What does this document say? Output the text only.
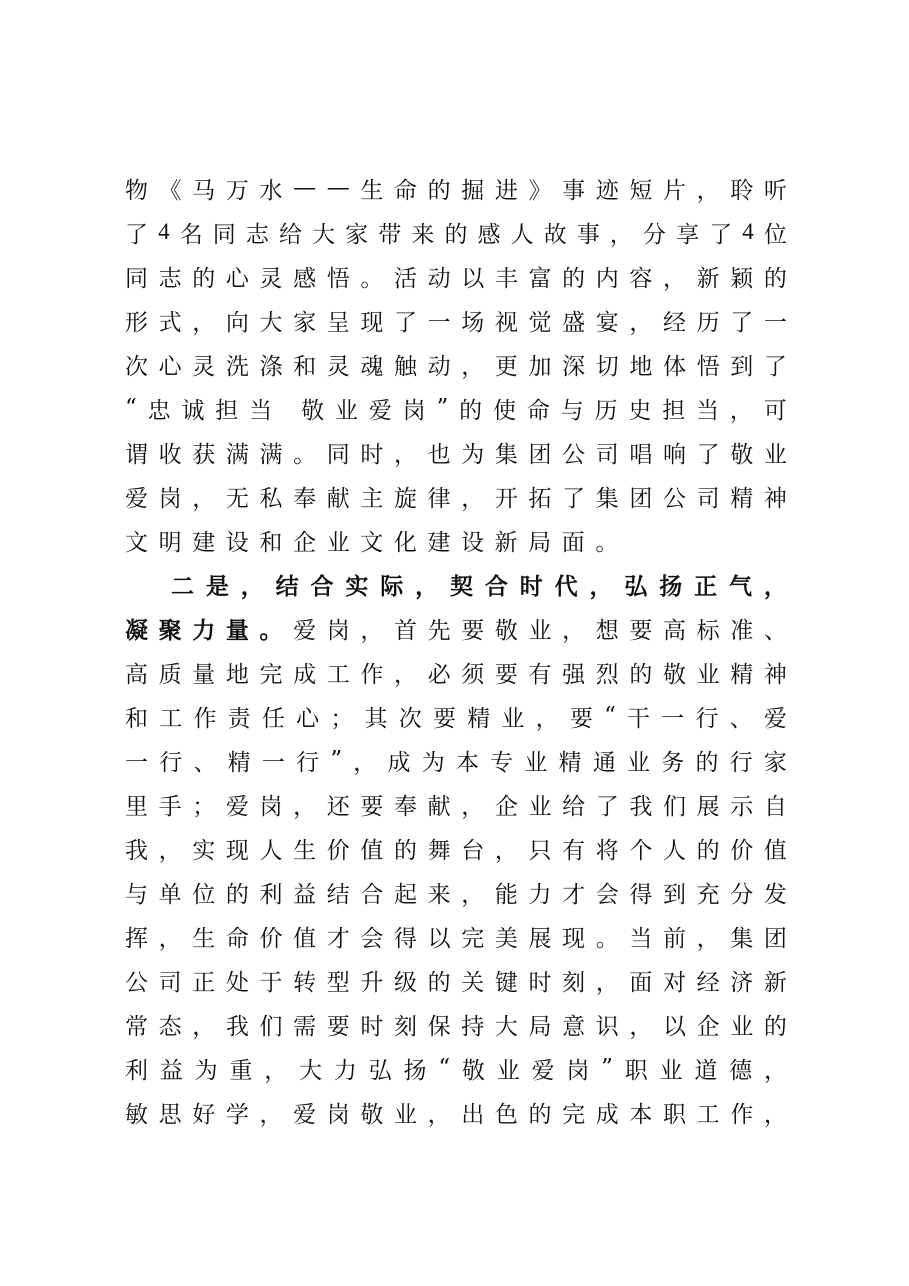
物 《 马 万 水 — — 生 命 的 掘 进 》 事 迹 短 片 ， 聆 听
了 4 名 同 志 给 大 家 带 来 的 感 人 故 事 ， 分 享 了 4 位
同 志 的 心 灵 感 悟 。 活 动 以 丰 富 的 内 容 ， 新 颖 的
形 式 ， 向 大 家 呈 现 了 一 场 视 觉 盛 宴 ， 经 历 了 一
次 心 灵 洗 涤 和 灵 魂 触 动 ， 更 加 深 切 地 体 悟 到 了
“ 忠 诚 担 当
敬 业 爱 岗 ” 的 使 命 与 历 史 担 当 ， 可
谓 收 获 满 满 。 同 时 ， 也 为 集 团 公 司 唱 响 了 敬 业
爱 岗 ， 无 私 奉 献 主 旋 律 ， 开 拓 了 集 团 公 司 精 神
文 明 建 设 和 企 业 文 化 建 设 新 局 面 。
二 是 ， 结 合 实 际 ， 契 合 时 代 ， 弘 扬 正 气 ，
凝 聚 力 量 。 爱 岗 ， 首 先 要 敬 业 ， 想 要 高 标 准 、
高 质 量 地 完 成 工 作 ， 必 须 要 有 强 烈 的 敬 业 精 神
和 工 作 责 任 心 ； 其 次 要 精 业 ， 要 “ 干 一 行 、 爱
一 行 、 精 一 行 ” ， 成 为 本 专 业 精 通 业 务 的 行 家
里 手 ； 爱 岗 ， 还 要 奉 献 ， 企 业 给 了 我 们 展 示 自
我 ， 实 现 人 生 价 值 的 舞 台 ， 只 有 将 个 人 的 价 值
与 单 位 的 利 益 结 合 起 来 ， 能 力 才 会 得 到 充 分 发
挥 ， 生 命 价 值 才 会 得 以 完 美 展 现 。 当 前 ， 集 团
公 司 正 处 于 转 型 升 级 的 关 键 时 刻 ， 面 对 经 济 新
常 态 ， 我 们 需 要 时 刻 保 持 大 局 意 识 ， 以 企 业 的
利 益 为 重 ， 大 力 弘 扬 “ 敬 业 爱 岗 ” 职 业 道 德 ，
敏 思 好 学 ， 爱 岗 敬 业 ， 出 色 的 完 成 本 职 工 作 ，
